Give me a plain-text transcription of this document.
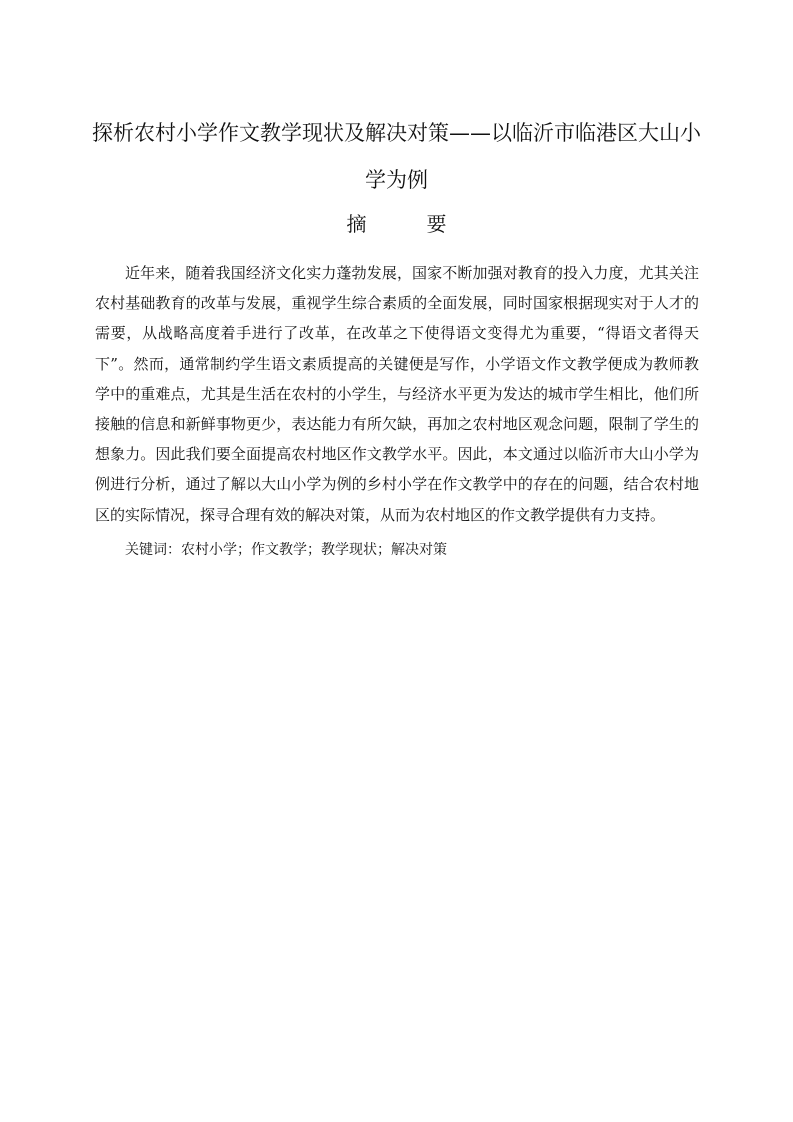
探析农村小学作文教学现状及解决对策——以临沂市临港区大山小学为例
摘　要

近年来，随着我国经济文化实力蓬勃发展，国家不断加强对教育的投入力度，尤其关注农村基础教育的改革与发展，重视学生综合素质的全面发展，同时国家根据现实对于人才的需要，从战略高度着手进行了改革，在改革之下使得语文变得尤为重要，“得语文者得天下”。然而，通常制约学生语文素质提高的关键便是写作，小学语文作文教学便成为教师教学中的重难点，尤其是生活在农村的小学生，与经济水平更为发达的城市学生相比，他们所接触的信息和新鲜事物更少，表达能力有所欠缺，再加之农村地区观念问题，限制了学生的想象力。因此我们要全面提高农村地区作文教学水平。因此，本文通过以临沂市大山小学为例进行分析，通过了解以大山小学为例的乡村小学在作文教学中的存在的问题，结合农村地区的实际情况，探寻合理有效的解决对策，从而为农村地区的作文教学提供有力支持。

关键词：农村小学；作文教学；教学现状；解决对策
